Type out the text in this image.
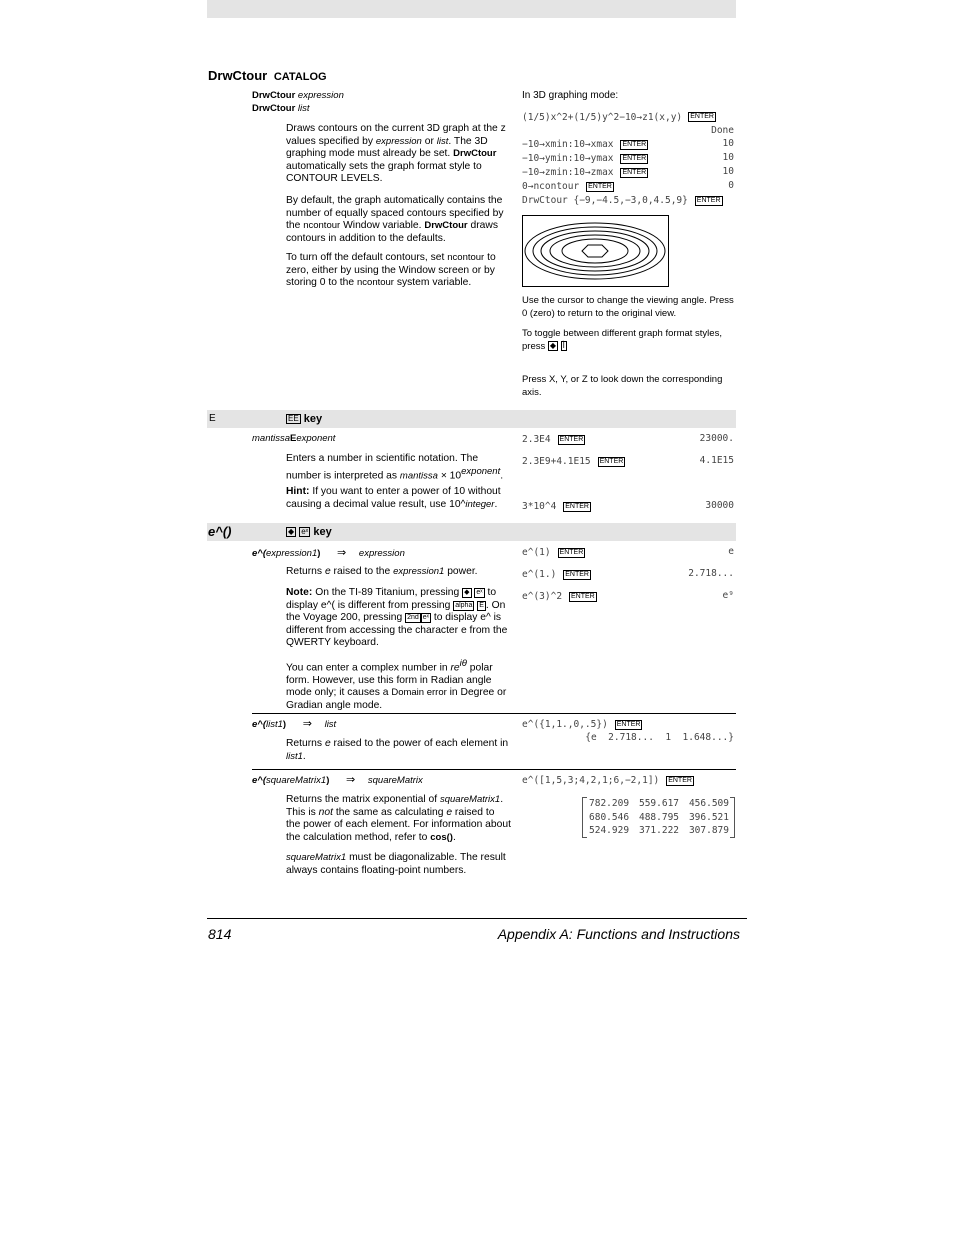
DrwCtour CATALOG
DrwCtour expression
DrwCtour list
Draws contours on the current 3D graph at the z values specified by expression or list. The 3D graphing mode must already be set. DrwCtour automatically sets the graph format style to CONTOUR LEVELS.
By default, the graph automatically contains the number of equally spaced contours specified by the ncontour Window variable. DrwCtour draws contours in addition to the defaults.
To turn off the default contours, set ncontour to zero, either by using the Window screen or by storing 0 to the ncontour system variable.
In 3D graphing mode:
(1/5)x^2+(1/5)y^2−10→z1(x,y) ENTER
Done
−10→xmin:10→xmax ENTER	10
−10→ymin:10→ymax ENTER	10
−10→zmin:10→zmax ENTER	10
0→ncontour ENTER	0
DrwCtour {−9,−4.5,−3,0,4.5,9} ENTER
Use the cursor to change the viewing angle. Press 0 (zero) to return to the original view.
To toggle between different graph format styles, press ◆ Ì
Press X, Y, or Z to look down the corresponding axis.
E	EE key
mantissaEexponent
Enters a number in scientific notation. The number is interpreted as mantissa × $10^{exponent}$.
Hint: If you want to enter a power of 10 without causing a decimal value result, use 10^integer.
2.3E4 ENTER	23000.
2.3E9+4.1E15 ENTER	4.1E15
3*10^4 ENTER	30000
e^()	◆ eˣ key
e^(expression1) ⇒ expression
Returns e raised to the expression1 power.
Note: On the TI-89 Titanium, pressing ◆ eˣ to display e^( is different from pressing alpha E . On the Voyage 200, pressing 2nd eˣ to display e^ is different from accessing the character e from the QWERTY keyboard.
You can enter a complex number in $re^{i\theta}$ polar form. However, use this form in Radian angle mode only; it causes a Domain error in Degree or Gradian angle mode.
e^(1) ENTER	e
e^(1.) ENTER	2.718...
e^(3)^2 ENTER	e⁹
e^(list1) ⇒ list
Returns e raised to the power of each element in list1.
e^({1,1.,0,.5}) ENTER
{e  2.718...  1  1.648...}
e^(squareMatrix1) ⇒ squareMatrix
Returns the matrix exponential of squareMatrix1. This is not the same as calculating e raised to the power of each element. For information about the calculation method, refer to cos().
squareMatrix1 must be diagonalizable. The result always contains floating-point numbers.
e^([1,5,3;4,2,1;6,−2,1]) ENTER
782.209 559.617 456.509
680.546 488.795 396.521
524.929 371.222 307.879
814	Appendix A: Functions and Instructions
